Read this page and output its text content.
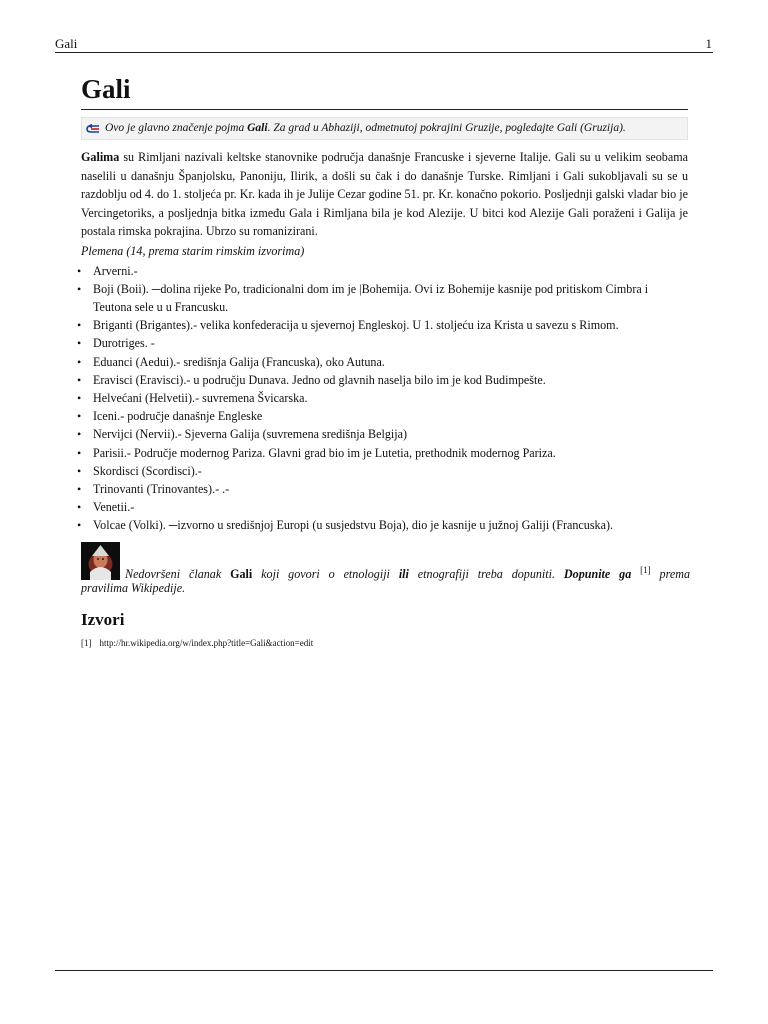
Gali	1
Gali
Ovo je glavno značenje pojma Gali. Za grad u Abhaziji, odmetnutoj pokrajini Gruzije, pogledajte Gali (Gruzija).

Galima su Rimljani nazivali keltske stanovnike područja današnje Francuske i sjeverne Italije. Gali su u velikim seobama naselili u današnju Španjolsku, Panoniju, Ilirik, a došli su čak i do današnje Turske. Rimljani i Gali sukobljavali su se u razdoblju od 4. do 1. stoljeća pr. Kr. kada ih je Julije Cezar godine 51. pr. Kr. konačno pokorio. Posljednji galski vladar bio je Vercingetoriks, a posljednja bitka između Gala i Rimljana bila je kod Alezije. U bitci kod Alezije Gali poraženi i Galija je postala rimska pokrajina. Ubrzo su romanizirani.

Plemena (14, prema starim rimskim izvorima)
• Arverni.-
• Boji (Boii). ─dolina rijeke Po, tradicionalni dom im je |Bohemija. Ovi iz Bohemije kasnije pod pritiskom Cimbra i Teutona sele u u Francusku.
• Briganti (Brigantes).- velika konfederacija u sjevernoj Engleskoj. U 1. stoljeću iza Krista u savezu s Rimom.
• Durotriges. -
• Eduanci (Aedui).- središnja Galija (Francuska), oko Autuna.
• Eravisci (Eravisci).- u području Dunava. Jedno od glavnih naselja bilo im je kod Budimpešte.
• Helvećani (Helvetii).- suvremena Švicarska.
• Iceni.- područje današnje Engleske
• Nervijci (Nervii).- Sjeverna Galija (suvremena središnja Belgija)
• Parisii.- Područje modernog Pariza. Glavni grad bio im je Lutetia, prethodnik modernog Pariza.
• Skordisci (Scordisci).-
• Trinovanti (Trinovantes).- .-
• Venetii.-
• Volcae (Volki). ─izvorno u središnjoj Europi (u susjedstvu Boja), dio je kasnije u južnoj Galiji (Francuska).
Nedovršeni članak Gali koji govori o etnologiji ili etnografiji treba dopuniti. Dopunite ga [1] prema
pravilima Wikipedije.
Izvori
[1] http://hr.wikipedia.org/w/index.php?title=Gali&action=edit
